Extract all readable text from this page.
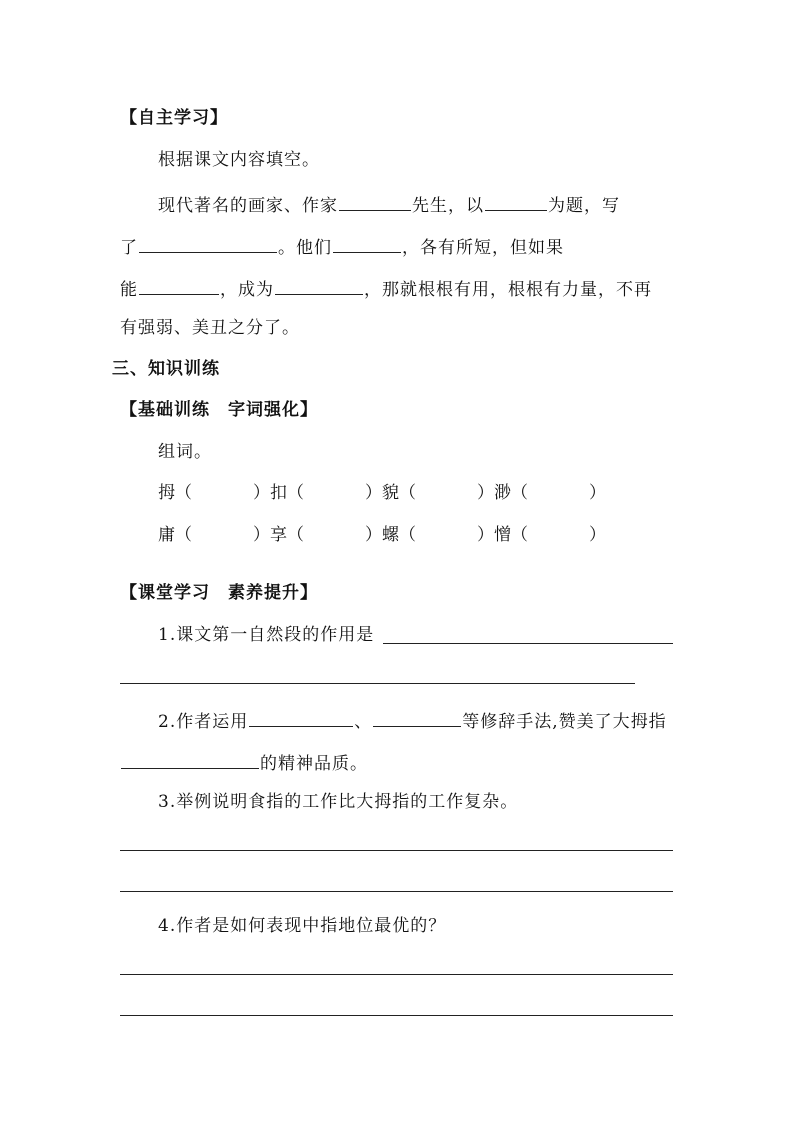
【自主学习】
根据课文内容填空。
现代著名的画家、作家	先生，以	为题，写
了	。他们	，各有所短，但如果
能	，成为	，那就根根有用，根根有力量，不再
有强弱、美丑之分了。
三、知识训练
【基础训练　字词强化】
组词。
拇（	）扣（	）貌（	）渺（	）
庸（	）享（	）螺（	）憎（	）
【课堂学习　素养提升】
1.课文第一自然段的作用是
2.作者运用	、	等修辞手法,赞美了大拇指
的精神品质。
3.举例说明食指的工作比大拇指的工作复杂。
4.作者是如何表现中指地位最优的？
